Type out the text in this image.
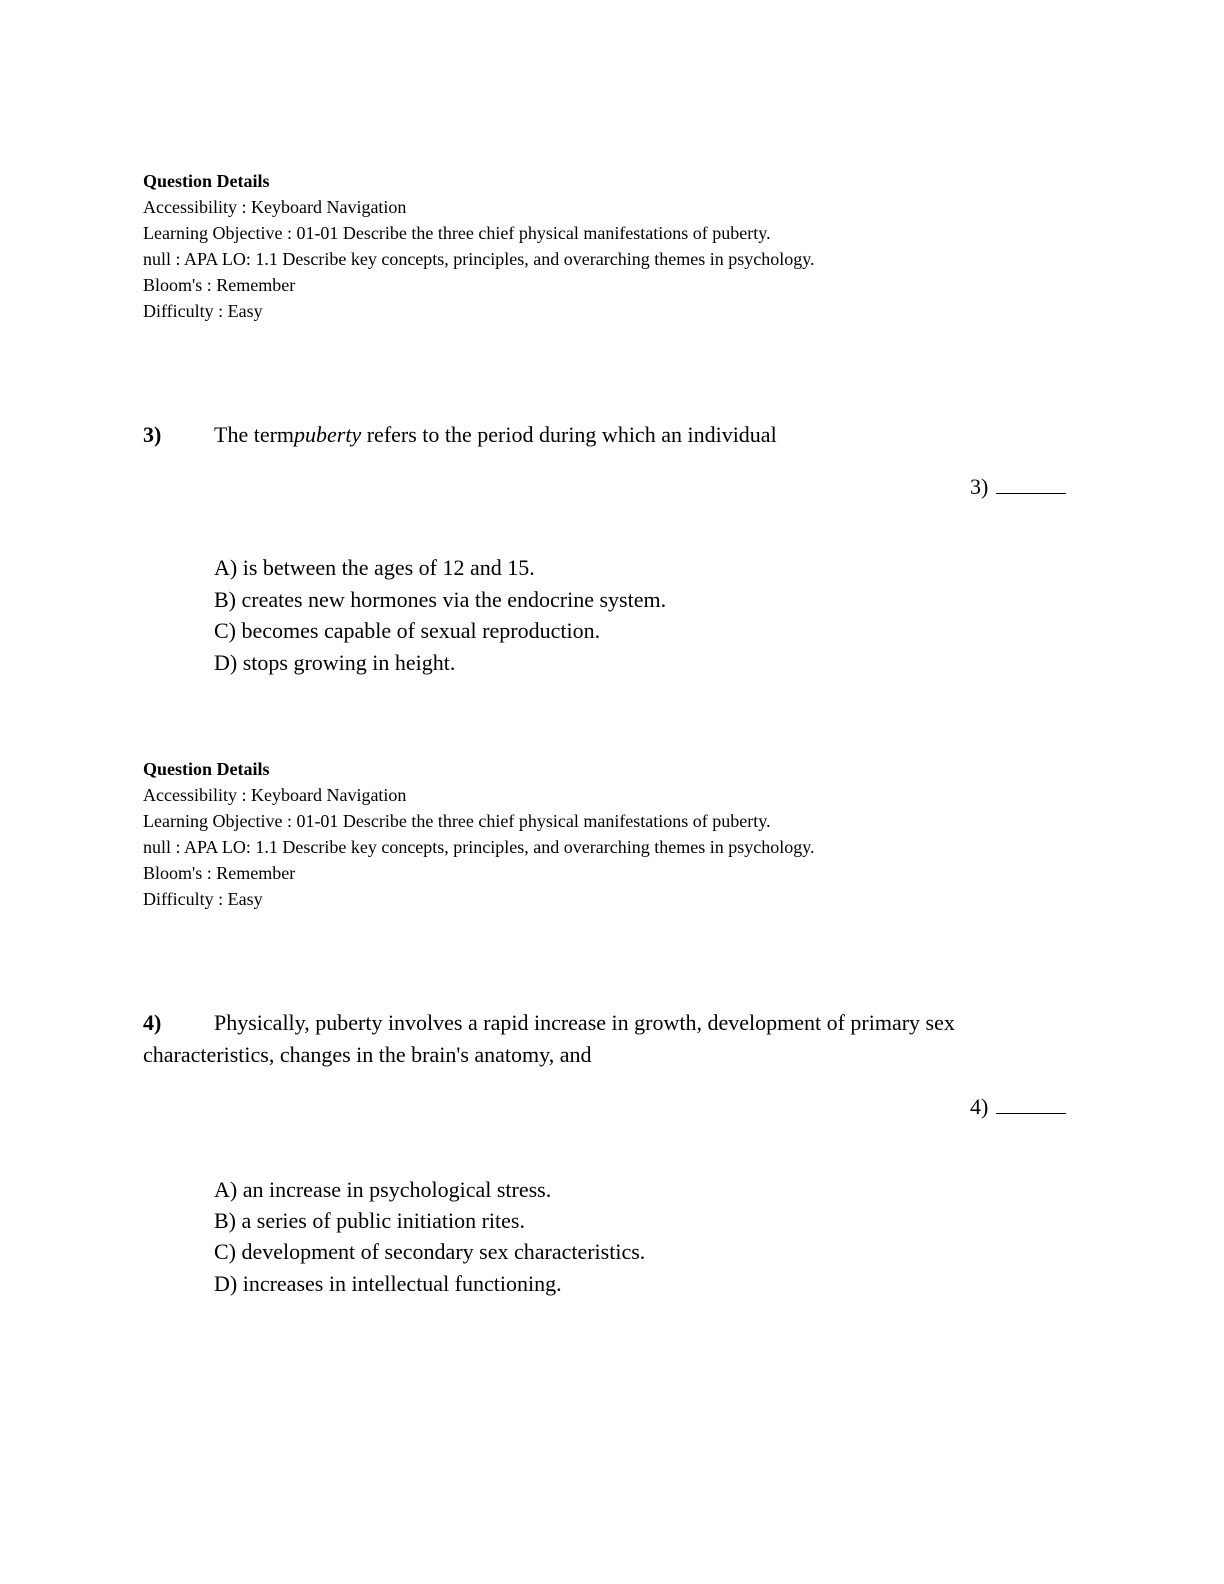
Question Details
Accessibility : Keyboard Navigation
Learning Objective : 01-01 Describe the three chief physical manifestations of puberty.
null : APA LO: 1.1 Describe key concepts, principles, and overarching themes in psychology.
Bloom's : Remember
Difficulty : Easy
3) The termpuberty refers to the period during which an individual
3)
A) is between the ages of 12 and 15.
B) creates new hormones via the endocrine system.
C) becomes capable of sexual reproduction.
D) stops growing in height.
Question Details
Accessibility : Keyboard Navigation
Learning Objective : 01-01 Describe the three chief physical manifestations of puberty.
null : APA LO: 1.1 Describe key concepts, principles, and overarching themes in psychology.
Bloom's : Remember
Difficulty : Easy
4) Physically, puberty involves a rapid increase in growth, development of primary sex
characteristics, changes in the brain's anatomy, and
4)
A) an increase in psychological stress.
B) a series of public initiation rites.
C) development of secondary sex characteristics.
D) increases in intellectual functioning.
